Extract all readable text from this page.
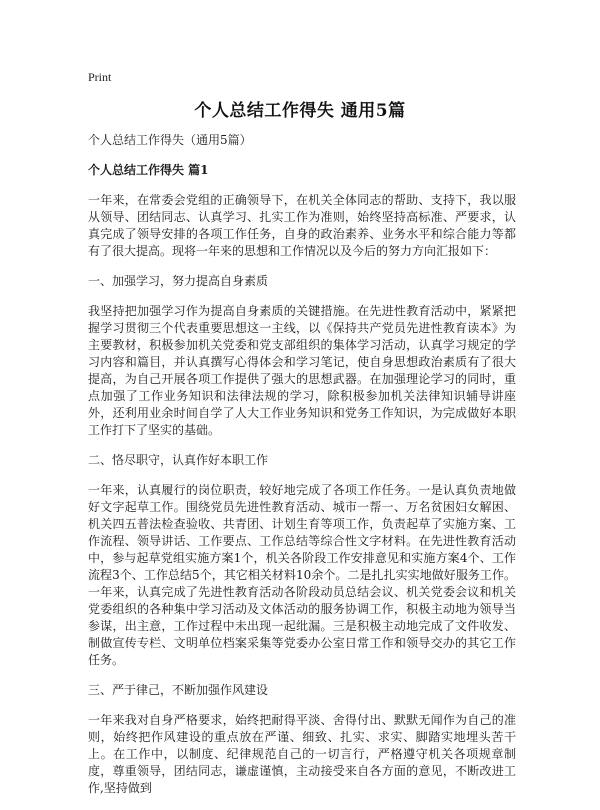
Print
个人总结工作得失 通用5篇

个人总结工作得失（通用5篇）

个人总结工作得失 篇1

一年来，在常委会党组的正确领导下，在机关全体同志的帮助、支持下，我以服从领导、团结同志、认真学习、扎实工作为准则，始终坚持高标准、严要求，认真完成了领导安排的各项工作任务，自身的政治素养、业务水平和综合能力等都有了很大提高。现将一年来的思想和工作情况以及今后的努力方向汇报如下：

一、加强学习，努力提高自身素质

我坚持把加强学习作为提高自身素质的关键措施。在先进性教育活动中，紧紧把握学习贯彻三个代表重要思想这一主线，以《保持共产党员先进性教育读本》为主要教材，积极参加机关党委和党支部组织的集体学习活动，认真学习规定的学习内容和篇目，并认真撰写心得体会和学习笔记，使自身思想政治素质有了很大提高，为自己开展各项工作提供了强大的思想武器。在加强理论学习的同时，重点加强了工作业务知识和法律法规的学习，除积极参加机关法律知识辅导讲座外，还利用业余时间自学了人大工作业务知识和党务工作知识，为完成做好本职工作打下了坚实的基础。

二、恪尽职守，认真作好本职工作

一年来，认真履行的岗位职责，较好地完成了各项工作任务。一是认真负责地做好文字起草工作。围绕党员先进性教育活动、城市一帮一、万名贫困妇女解困、机关四五普法检查验收、共青团、计划生育等项工作，负责起草了实施方案、工作流程、领导讲话、工作要点、工作总结等综合性文字材料。在先进性教育活动中，参与起草党组实施方案1个，机关各阶段工作安排意见和实施方案4个、工作流程3个、工作总结5个，其它相关材料10余个。二是扎扎实实地做好服务工作。一年来，认真完成了先进性教育活动各阶段动员总结会议、机关党委会议和机关党委组织的各种集中学习活动及文体活动的服务协调工作，积极主动地为领导当参谋，出主意，工作过程中未出现一起纰漏。三是积极主动地完成了文件收发、制做宣传专栏、文明单位档案采集等党委办公室日常工作和领导交办的其它工作任务。

三、严于律己，不断加强作风建设

一年来我对自身严格要求，始终把耐得平淡、舍得付出、默默无闻作为自己的准则，始终把作风建设的重点放在严谨、细致、扎实、求实、脚踏实地埋头苦干上。在工作中，以制度、纪律规范自己的一切言行，严格遵守机关各项规章制度，尊重领导，团结同志，谦虚谨慎，主动接受来自各方面的意见，不断改进工作,坚持做到
